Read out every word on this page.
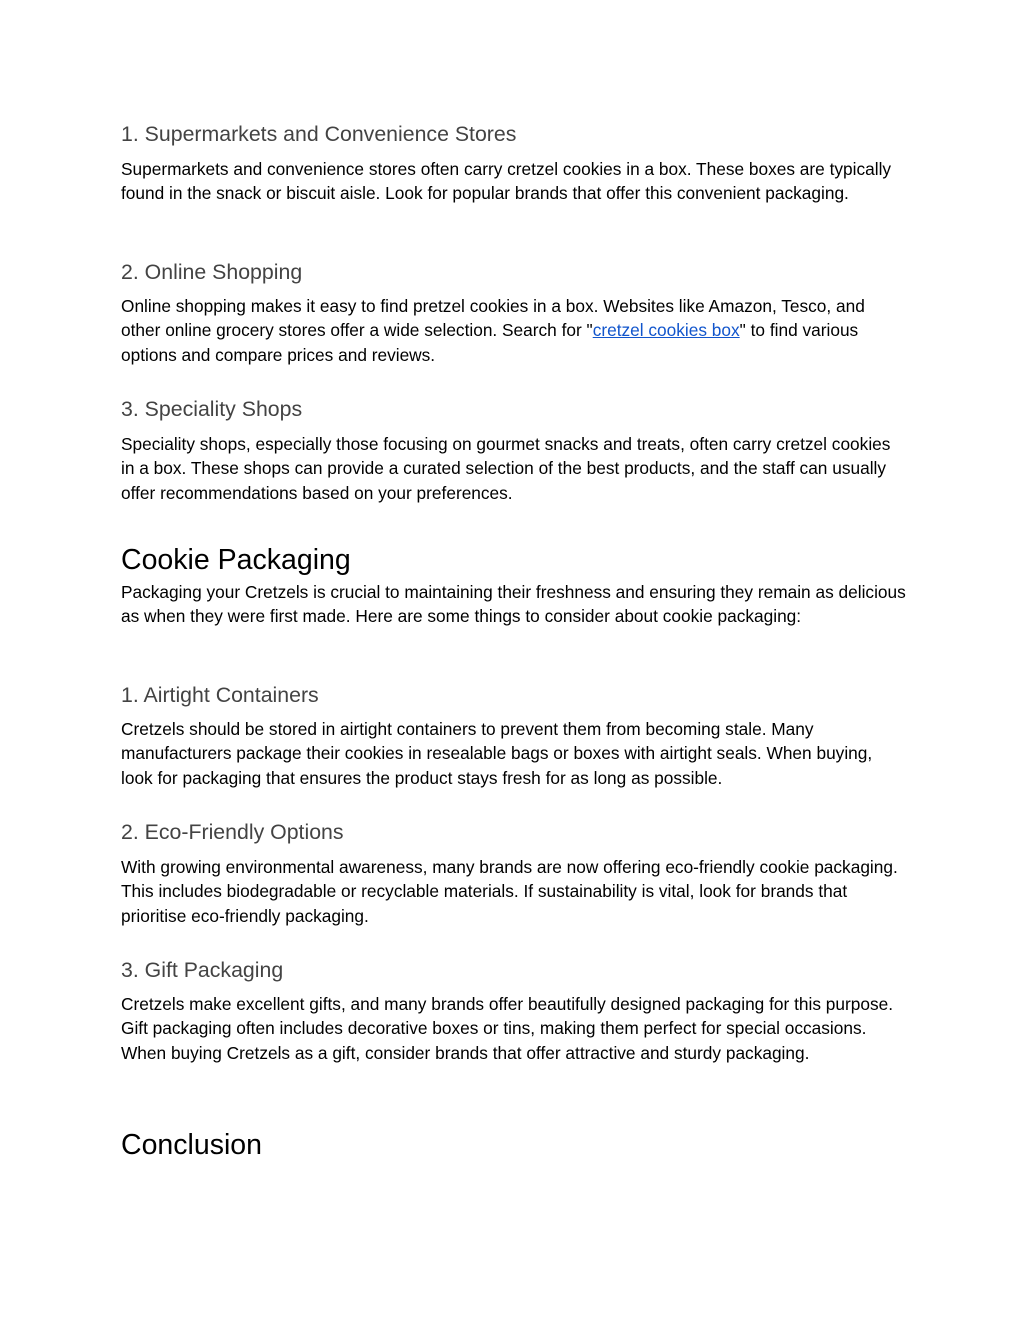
1. Supermarkets and Convenience Stores

Supermarkets and convenience stores often carry cretzel cookies in a box. These boxes are typically found in the snack or biscuit aisle. Look for popular brands that offer this convenient packaging.

2. Online Shopping

Online shopping makes it easy to find pretzel cookies in a box. Websites like Amazon, Tesco, and other online grocery stores offer a wide selection. Search for "cretzel cookies box" to find various options and compare prices and reviews.

3. Speciality Shops

Speciality shops, especially those focusing on gourmet snacks and treats, often carry cretzel cookies in a box. These shops can provide a curated selection of the best products, and the staff can usually offer recommendations based on your preferences.

Cookie Packaging

Packaging your Cretzels is crucial to maintaining their freshness and ensuring they remain as delicious as when they were first made. Here are some things to consider about cookie packaging:

1. Airtight Containers

Cretzels should be stored in airtight containers to prevent them from becoming stale. Many manufacturers package their cookies in resealable bags or boxes with airtight seals. When buying, look for packaging that ensures the product stays fresh for as long as possible.

2. Eco-Friendly Options

With growing environmental awareness, many brands are now offering eco-friendly cookie packaging. This includes biodegradable or recyclable materials. If sustainability is vital, look for brands that prioritise eco-friendly packaging.

3. Gift Packaging

Cretzels make excellent gifts, and many brands offer beautifully designed packaging for this purpose. Gift packaging often includes decorative boxes or tins, making them perfect for special occasions. When buying Cretzels as a gift, consider brands that offer attractive and sturdy packaging.

Conclusion
